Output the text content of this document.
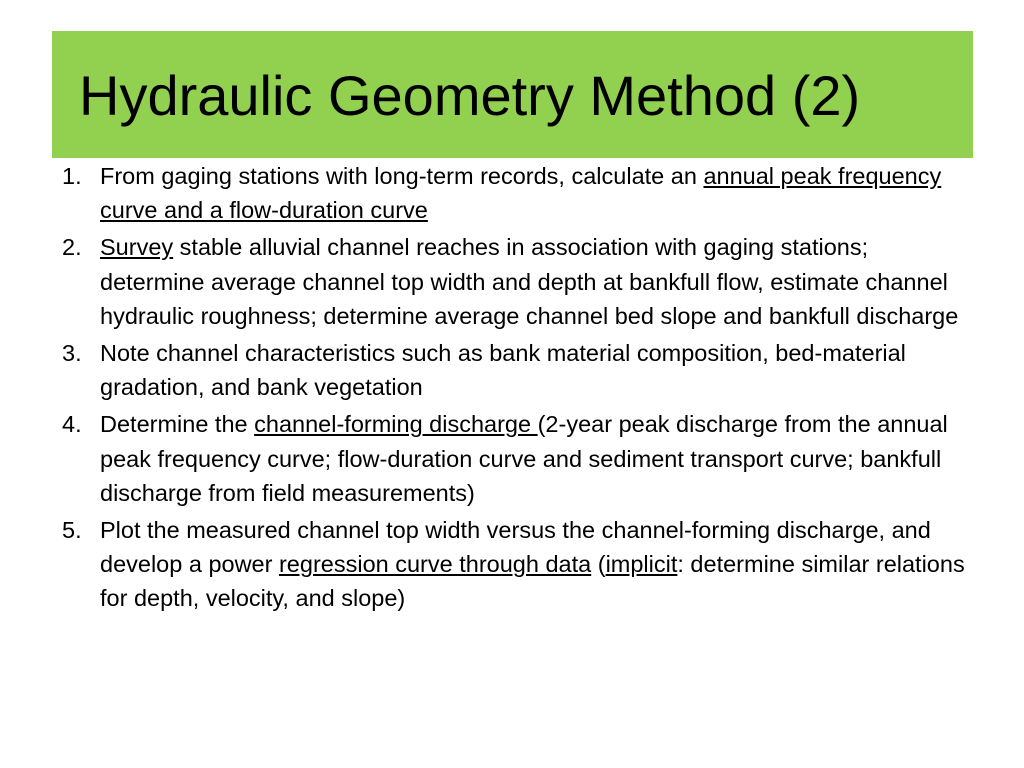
Hydraulic Geometry Method (2)
1. From gaging stations with long-term records, calculate an annual peak frequency curve and a flow-duration curve
2. Survey stable alluvial channel reaches in association with gaging stations; determine average channel top width and depth at bankfull flow, estimate channel hydraulic roughness; determine average channel bed slope and bankfull discharge
3. Note channel characteristics such as bank material composition, bed-material gradation, and bank vegetation
4. Determine the channel-forming discharge (2-year peak discharge from the annual peak frequency curve; flow-duration curve and sediment transport curve; bankfull discharge from field measurements)
5. Plot the measured channel top width versus the channel-forming discharge, and develop a power regression curve through data (implicit: determine similar relations for depth, velocity, and slope)
